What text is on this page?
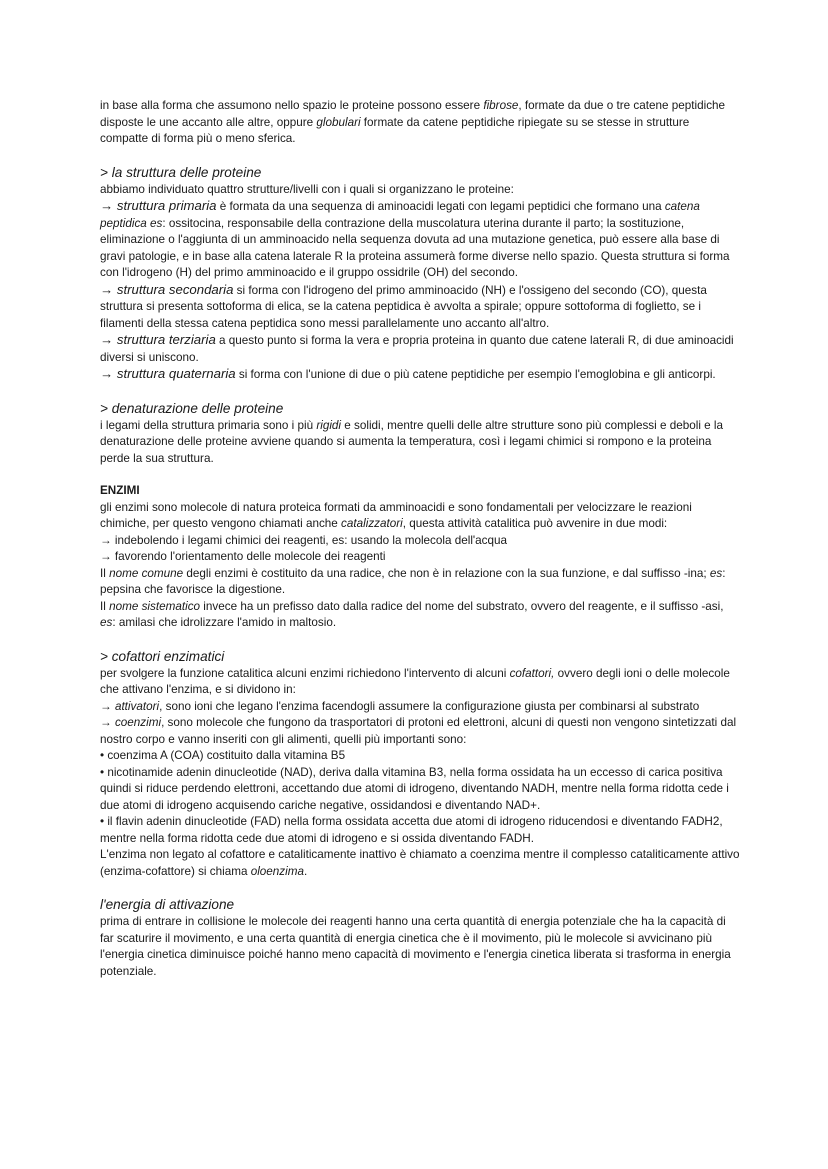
in base alla forma che assumono nello spazio le proteine possono essere fibrose, formate da due o tre catene peptidiche disposte le une accanto alle altre, oppure globulari formate da catene peptidiche ripiegate su se stesse in strutture compatte di forma più o meno sferica.

> la struttura delle proteine

abbiamo individuato quattro strutture/livelli con i quali si organizzano le proteine:

→ struttura primaria è formata da una sequenza di aminoacidi legati con legami peptidici che formano una catena peptidica es: ossitocina, responsabile della contrazione della muscolatura uterina durante il parto; la sostituzione, eliminazione o l'aggiunta di un amminoacido nella sequenza dovuta ad una mutazione genetica, può essere alla base di gravi patologie, e in base alla catena laterale R la proteina assumerà forme diverse nello spazio. Questa struttura si forma con l'idrogeno (H) del primo amminoacido e il gruppo ossidrile (OH) del secondo.

→ struttura secondaria si forma con l'idrogeno del primo amminoacido (NH) e l'ossigeno del secondo (CO), questa struttura si presenta sottoforma di elica, se la catena peptidica è avvolta a spirale; oppure sottoforma di foglietto, se i filamenti della stessa catena peptidica sono messi parallelamente uno accanto all'altro.

→ struttura terziaria a questo punto si forma la vera e propria proteina in quanto due catene laterali R, di due aminoacidi diversi si uniscono.

→ struttura quaternaria si forma con l'unione di due o più catene peptidiche per esempio l'emoglobina e gli anticorpi.

> denaturazione delle proteine

i legami della struttura primaria sono i più rigidi e solidi, mentre quelli delle altre strutture sono più complessi e deboli e la denaturazione delle proteine avviene quando si aumenta la temperatura, così i legami chimici si rompono e la proteina perde la sua struttura.

ENZIMI

gli enzimi sono molecole di natura proteica formati da amminoacidi e sono fondamentali per velocizzare le reazioni chimiche, per questo vengono chiamati anche catalizzatori, questa attività catalitica può avvenire in due modi:

→ indebolendo i legami chimici dei reagenti, es: usando la molecola dell'acqua

→ favorendo l'orientamento delle molecole dei reagenti

Il nome comune degli enzimi è costituito da una radice, che non è in relazione con la sua funzione, e dal suffisso -ina; es: pepsina che favorisce la digestione.

Il nome sistematico invece ha un prefisso dato dalla radice del nome del substrato, ovvero del reagente, e il suffisso -asi, es: amilasi che idrolizzare l'amido in maltosio.

> cofattori enzimatici

per svolgere la funzione catalitica alcuni enzimi richiedono l'intervento di alcuni cofattori, ovvero degli ioni o delle molecole che attivano l'enzima, e si dividono in:

→ attivatori, sono ioni che legano l'enzima facendogli assumere la configurazione giusta per combinarsi al substrato

→ coenzimi, sono molecole che fungono da trasportatori di protoni ed elettroni, alcuni di questi non vengono sintetizzati dal nostro corpo e vanno inseriti con gli alimenti, quelli più importanti sono:

• coenzima A (COA) costituito dalla vitamina B5

• nicotinamide adenin dinucleotide (NAD), deriva dalla vitamina B3, nella forma ossidata ha un eccesso di carica positiva quindi si riduce perdendo elettroni, accettando due atomi di idrogeno, diventando NADH, mentre nella forma ridotta cede i due atomi di idrogeno acquisendo cariche negative, ossidandosi e diventando NAD+.

• il flavin adenin dinucleotide (FAD) nella forma ossidata accetta due atomi di idrogeno riducendosi e diventando FADH2, mentre nella forma ridotta cede due atomi di idrogeno e si ossida diventando FADH.

L'enzima non legato al cofattore e cataliticamente inattivo è chiamato a coenzima mentre il complesso cataliticamente attivo (enzima-cofattore) si chiama oloenzima.

l'energia di attivazione

prima di entrare in collisione le molecole dei reagenti hanno una certa quantità di energia potenziale che ha la capacità di far scaturire il movimento, e una certa quantità di energia cinetica che è il movimento, più le molecole si avvicinano più l'energia cinetica diminuisce poiché hanno meno capacità di movimento e l'energia cinetica liberata si trasforma in energia potenziale.
